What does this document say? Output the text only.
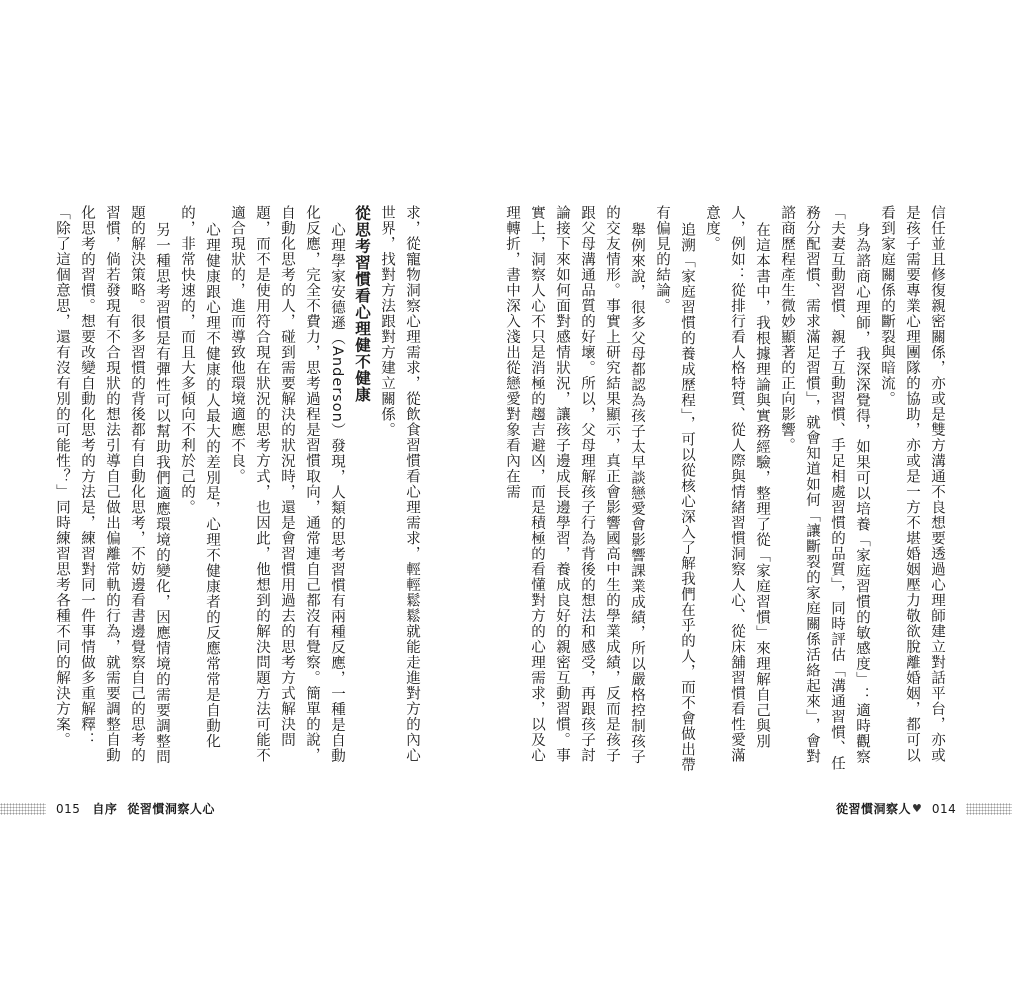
求，從寵物洞察心理需求，從飲食習慣看心理需求，輕輕鬆鬆就能走進對方的內心世界，找對方法跟對方建立關係。

從思考習慣看心理健不健康

心理學家安德遜（Anderson）發現，人類的思考習慣有兩種反應，一種是自動化反應，完全不費力，思考過程是習慣取向，通常連自己都沒有覺察。簡單的說，自動化思考的人，碰到需要解決的狀況時，還是會習慣用過去的思考方式解決問題，而不是使用符合現在狀況的思考方式，也因此，他想到的解決問題方法可能不適合現狀的，進而導致他環境適應不良。

心理健康跟心理不健康的人最大的差別是，心理不健康者的反應常常是自動化的，非常快速的，而且大多傾向不利於己的。

另一種思考習慣是有彈性可以幫助我們適應環境的變化，因應情境的需要調整問題的解決策略。很多習慣的背後都有自動化思考，不妨邊看書邊覺察自己的思考的習慣，倘若發現有不合現狀的想法引導自己做出偏離常軌的行為，就需要調整自動化思考的習慣。想要改變自動化思考的方法是，練習對同一件事情做多重解釋：「除了這個意思，還有沒有別的可能性？」同時練習思考各種不同的解決方案。

015 自序 從習慣洞察人心

信任並且修復親密關係，亦或是雙方溝通不良想要透過心理師建立對話平台，亦或是孩子需要專業心理團隊的協助，亦或是一方不堪婚姻壓力敬欲脫離婚姻，都可以看到家庭關係的斷裂與暗流。

身為諮商心理師，我深深覺得，如果可以培養「家庭習慣的敏感度」：適時觀察「夫妻互動習慣、親子互動習慣、手足相處習慣的品質」，同時評估「溝通習慣、任務分配習慣、需求滿足習慣」，就會知道如何「讓斷裂的家庭關係活絡起來」，會對諮商歷程產生微妙顯著的正向影響。

在這本書中，我根據理論與實務經驗，整理了從「家庭習慣」來理解自己與別人，例如：從排行看人格特質、從人際與情緒習慣洞察人心、從床舖習慣看性愛滿意度。

追溯「家庭習慣的養成歷程」，可以從核心深入了解我們在乎的人，而不會做出帶有偏見的結論。

舉例來說，很多父母都認為孩子太早談戀愛會影響課業成績，所以嚴格控制孩子的交友情形。事實上研究結果顯示，真正會影響國高中生的學業成績，反而是孩子跟父母溝通品質的好壞。所以，父母理解孩子行為背後的想法和感受，再跟孩子討論接下來如何面對感情狀況，讓孩子邊成長邊學習，養成良好的親密互動習慣。事實上，洞察人心不只是消極的趨吉避凶，而是積極的看懂對方的心理需求，以及心理轉折，書中深入淺出從戀愛對象看內在需

從習慣洞察人 ♥ 014
